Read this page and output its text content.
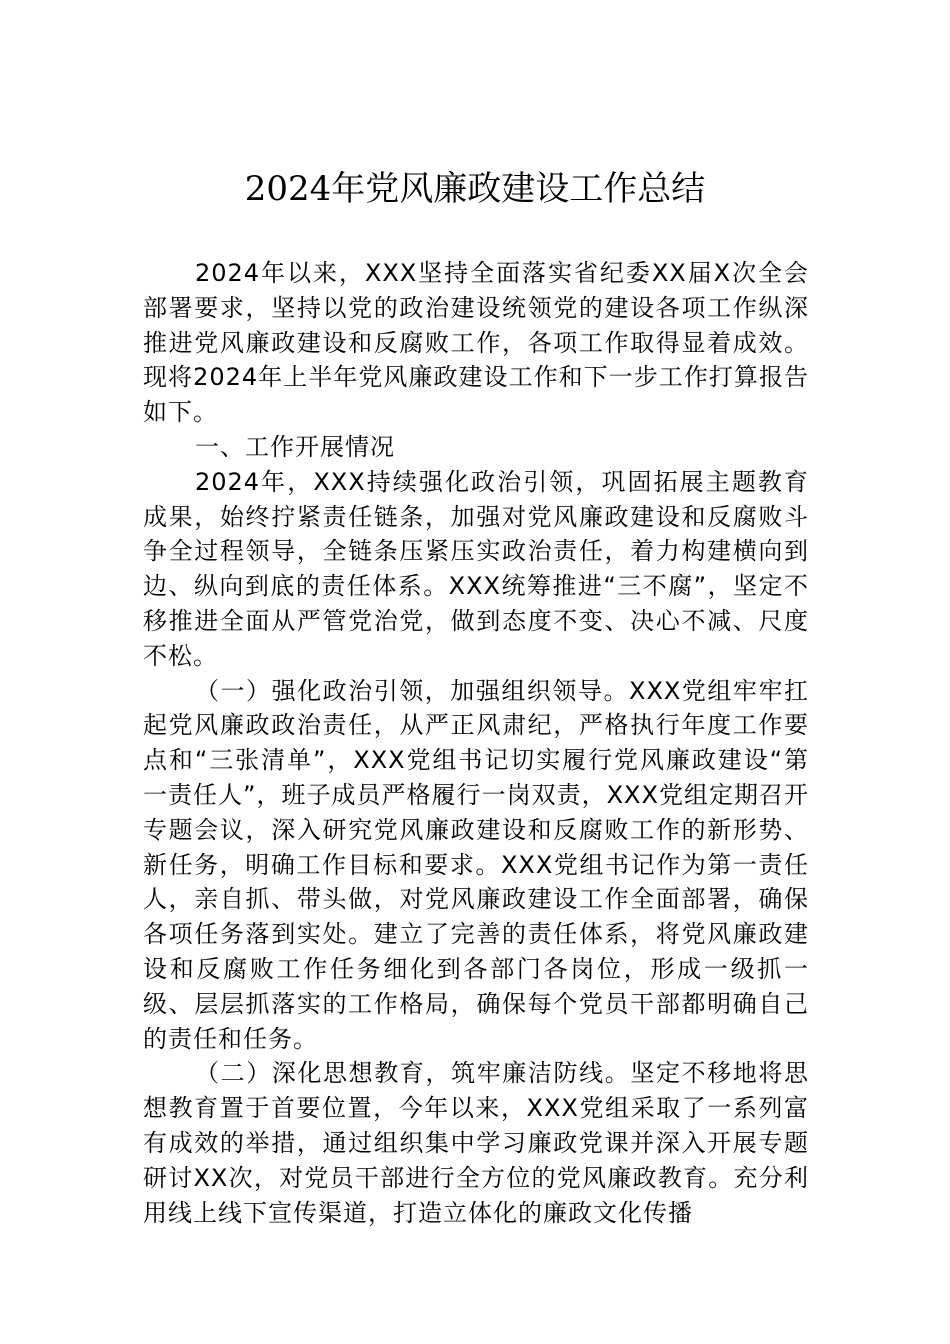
2024年党风廉政建设工作总结

2024年以来，XXX坚持全面落实省纪委XX届X次全会部署要求，坚持以党的政治建设统领党的建设各项工作纵深推进党风廉政建设和反腐败工作，各项工作取得显着成效。现将2024年上半年党风廉政建设工作和下一步工作打算报告如下。

一、工作开展情况

2024年，XXX持续强化政治引领，巩固拓展主题教育成果，始终拧紧责任链条，加强对党风廉政建设和反腐败斗争全过程领导，全链条压紧压实政治责任，着力构建横向到边、纵向到底的责任体系。XXX统筹推进“三不腐”，坚定不移推进全面从严管党治党，做到态度不变、决心不减、尺度不松。

（一）强化政治引领，加强组织领导。XXX党组牢牢扛起党风廉政政治责任，从严正风肃纪，严格执行年度工作要点和“三张清单”，XXX党组书记切实履行党风廉政建设“第一责任人”，班子成员严格履行一岗双责，XXX党组定期召开专题会议，深入研究党风廉政建设和反腐败工作的新形势、新任务，明确工作目标和要求。XXX党组书记作为第一责任人，亲自抓、带头做，对党风廉政建设工作全面部署，确保各项任务落到实处。建立了完善的责任体系，将党风廉政建设和反腐败工作任务细化到各部门各岗位，形成一级抓一级、层层抓落实的工作格局，确保每个党员干部都明确自己的责任和任务。

（二）深化思想教育，筑牢廉洁防线。坚定不移地将思想教育置于首要位置，今年以来，XXX党组采取了一系列富有成效的举措，通过组织集中学习廉政党课并深入开展专题研讨XX次，对党员干部进行全方位的党风廉政教育。充分利用线上线下宣传渠道，打造立体化的廉政文化传播
